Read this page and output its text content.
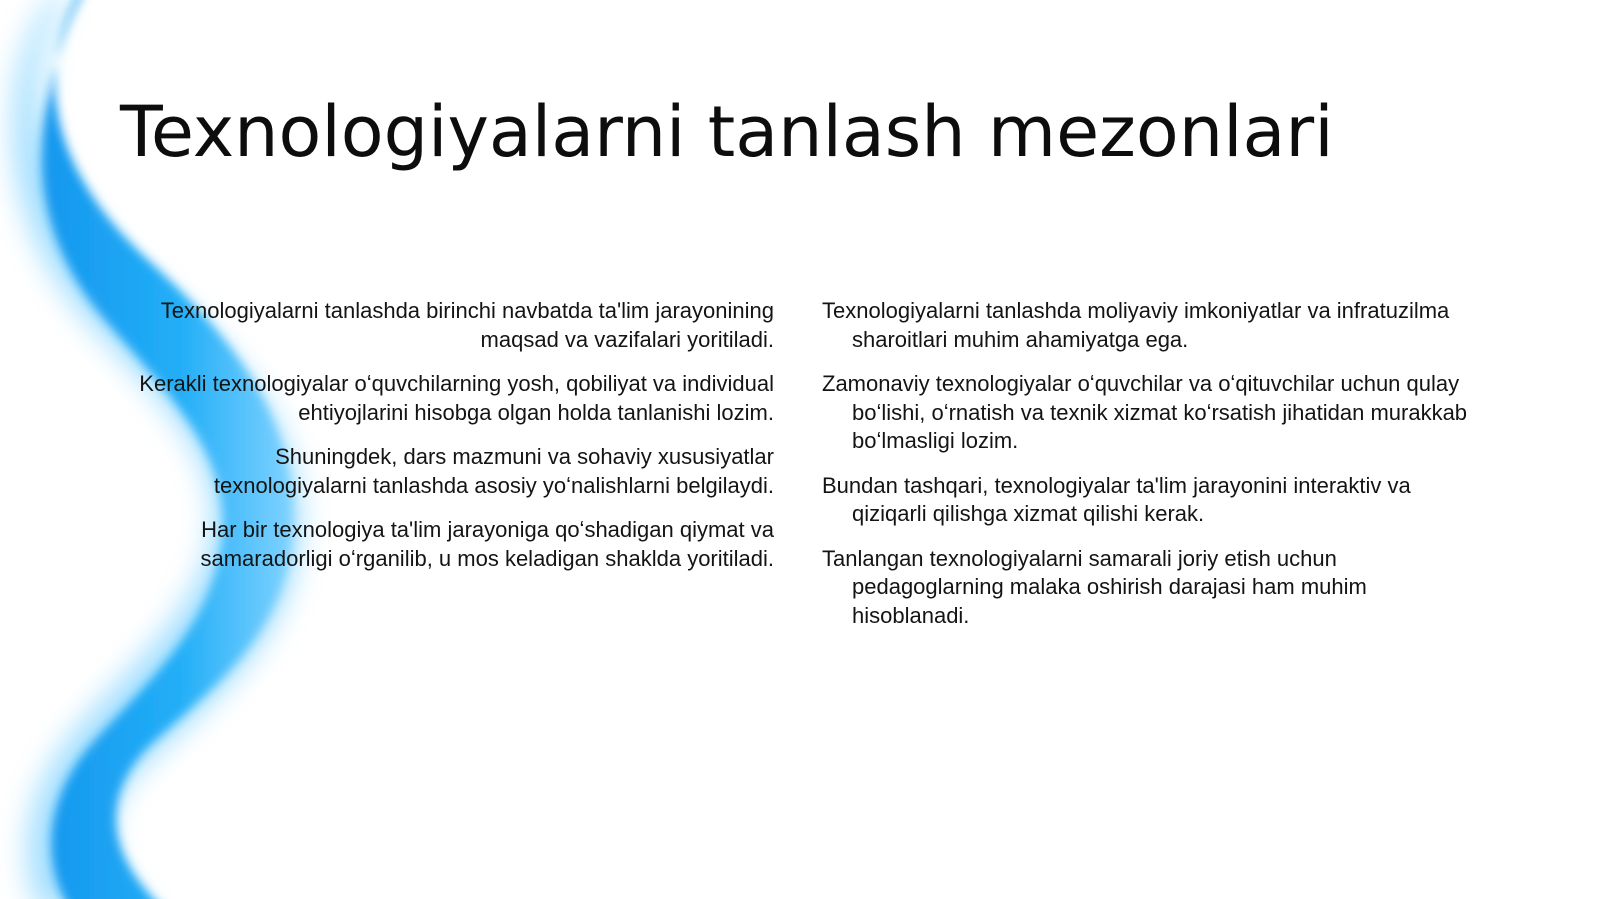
Texnologiyalarni tanlash mezonlari

Texnologiyalarni tanlashda birinchi navbatda ta'lim jarayonining maqsad va vazifalari yoritiladi.

Kerakli texnologiyalar oʻquvchilarning yosh, qobiliyat va individual ehtiyojlarini hisobga olgan holda tanlanishi lozim.

Shuningdek, dars mazmuni va sohaviy xususiyatlar texnologiyalarni tanlashda asosiy yoʻnalishlarni belgilaydi.

Har bir texnologiya ta'lim jarayoniga qoʻshadigan qiymat va samaradorligi oʻrganilib, u mos keladigan shaklda yoritiladi.

Texnologiyalarni tanlashda moliyaviy imkoniyatlar va infratuzilma sharoitlari muhim ahamiyatga ega.

Zamonaviy texnologiyalar oʻquvchilar va oʻqituvchilar uchun qulay boʻlishi, oʻrnatish va texnik xizmat koʻrsatish jihatidan murakkab boʻlmasligi lozim.

Bundan tashqari, texnologiyalar ta'lim jarayonini interaktiv va qiziqarli qilishga xizmat qilishi kerak.

Tanlangan texnologiyalarni samarali joriy etish uchun pedagoglarning malaka oshirish darajasi ham muhim hisoblanadi.
